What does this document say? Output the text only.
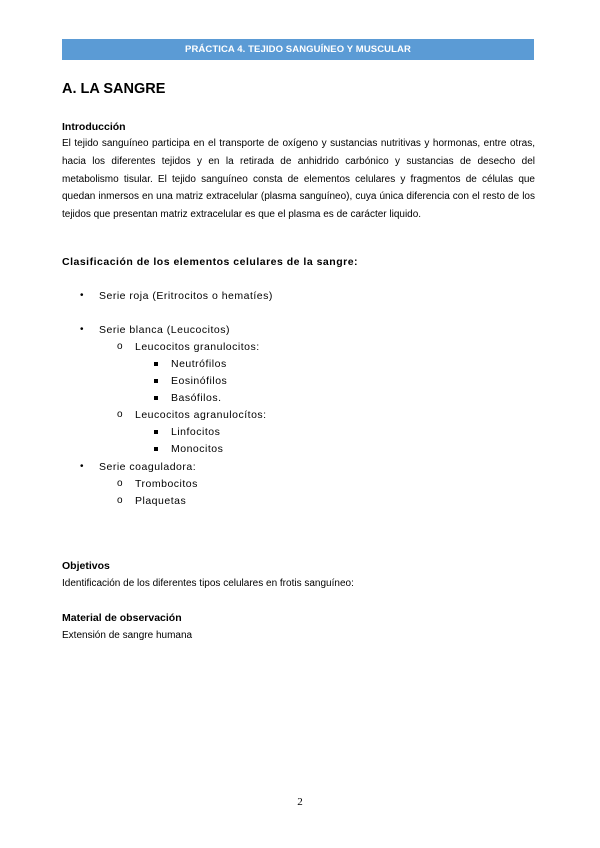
PRÁCTICA 4. TEJIDO SANGUÍNEO Y MUSCULAR
A. LA SANGRE
Introducción
El tejido sanguíneo participa en el transporte de oxígeno y sustancias nutritivas y hormonas, entre otras, hacia los diferentes tejidos y en la retirada de anhidrido carbónico y sustancias de desecho del metabolismo tisular. El tejido sanguíneo consta de elementos celulares y fragmentos de células que quedan inmersos en una matriz extracelular (plasma sanguíneo), cuya única diferencia con el resto de los tejidos que presentan matriz extracelular es que el plasma es de carácter liquido.
Clasificación de los elementos celulares de la sangre:
• Serie roja (Eritrocitos o hematíes)
• Serie blanca (Leucocitos)
o Leucocitos granulocitos:
Neutrófilos
Eosinófilos
Basófilos.
o Leucocitos agranulocítos:
Linfocitos
Monocitos
• Serie coaguladora:
o Trombocitos
o Plaquetas
Objetivos
Identificación de los diferentes tipos celulares en frotis sanguíneo:
Material de observación
Extensión de sangre humana
2
